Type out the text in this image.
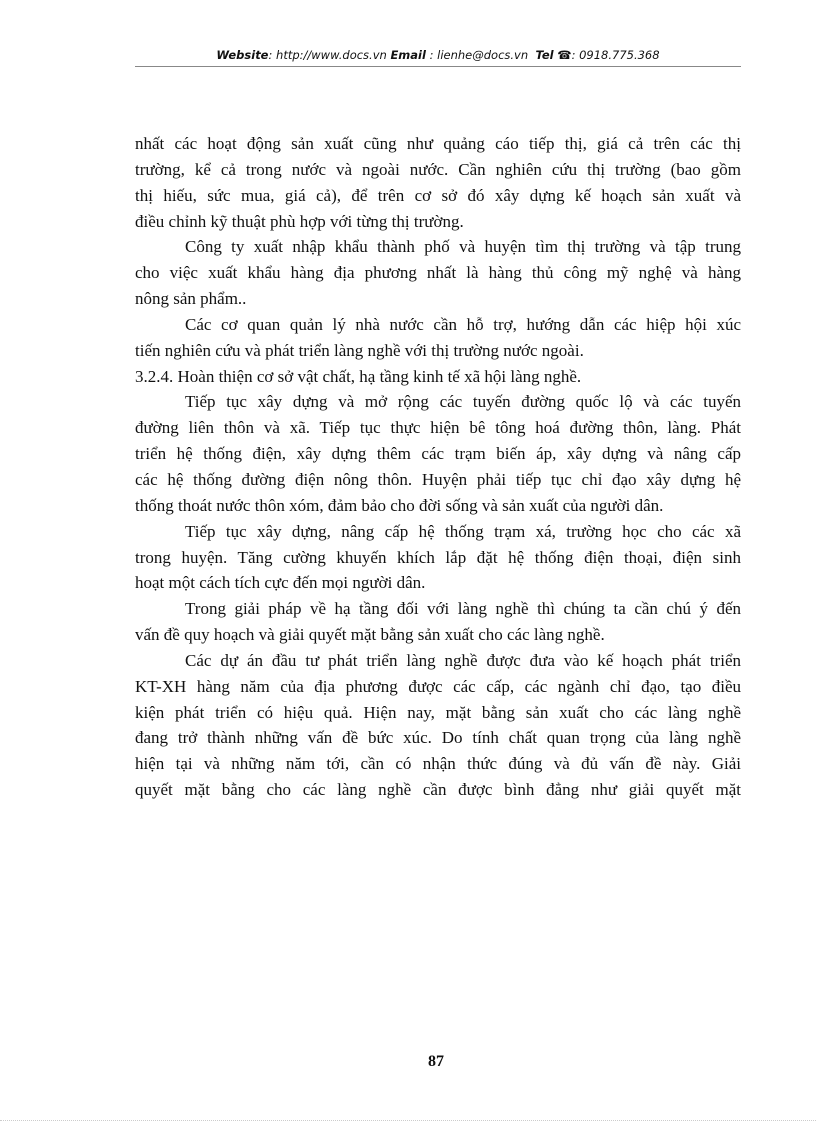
Website: http://www.docs.vn Email : lienhe@docs.vn Tel ☎: 0918.775.368
nhất các hoạt động sản xuất cũng như quảng cáo tiếp thị, giá cả trên các thị
trường, kể cả trong nước và ngoài nước. Cần nghiên cứu thị trường (bao gồm
thị hiếu, sức mua, giá cả), để trên cơ sở đó xây dựng kế hoạch sản xuất và
điều chỉnh kỹ thuật phù hợp với từng thị trường.
Công ty xuất nhập khẩu thành phố và huyện tìm thị trường và tập trung
cho việc xuất khẩu hàng địa phương nhất là hàng thủ công mỹ nghệ và hàng
nông sản phẩm..
Các cơ quan quản lý nhà nước cần hỗ trợ, hướng dẫn các hiệp hội xúc
tiến nghiên cứu và phát triển làng nghề với thị trường nước ngoài.
3.2.4. Hoàn thiện cơ sở vật chất, hạ tầng kinh tế xã hội làng nghề.
Tiếp tục xây dựng và mở rộng các tuyến đường quốc lộ và các tuyến
đường liên thôn và xã. Tiếp tục thực hiện bê tông hoá đường thôn, làng. Phát
triển hệ thống điện, xây dựng thêm các trạm biến áp, xây dựng và nâng cấp
các hệ thống đường điện nông thôn. Huyện phải tiếp tục chỉ đạo xây dựng hệ
thống thoát nước thôn xóm, đảm bảo cho đời sống và sản xuất của người dân.
Tiếp tục xây dựng, nâng cấp hệ thống trạm xá, trường học cho các xã
trong huyện. Tăng cường khuyến khích lắp đặt hệ thống điện thoại, điện sinh
hoạt một cách tích cực đến mọi người dân.
Trong giải pháp về hạ tầng đối với làng nghề thì chúng ta cần chú ý đến
vấn đề quy hoạch và giải quyết mặt bằng sản xuất cho các làng nghề.
Các dự án đầu tư phát triển làng nghề được đưa vào kế hoạch phát triển
KT-XH hàng năm của địa phương được các cấp, các ngành chỉ đạo, tạo điều
kiện phát triển có hiệu quả. Hiện nay, mặt bằng sản xuất cho các làng nghề
đang trở thành những vấn đề bức xúc. Do tính chất quan trọng của làng nghề
hiện tại và những năm tới, cần có nhận thức đúng và đủ vấn đề này. Giải
quyết mặt bằng cho các làng nghề cần được bình đẳng như giải quyết mặt
87
